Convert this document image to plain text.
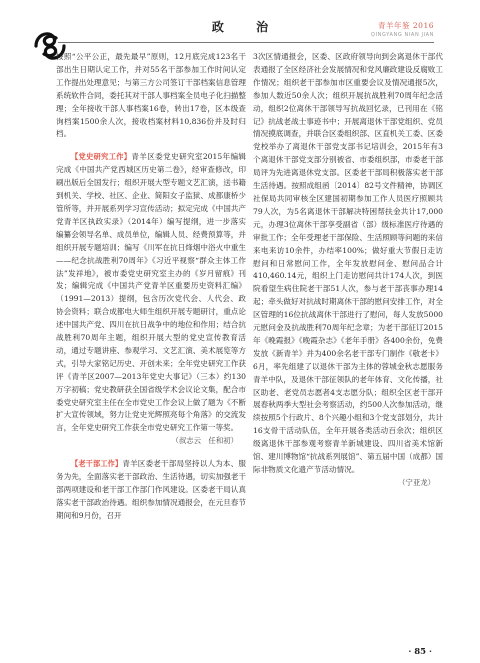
政 治	青羊年鉴 2016
QINGYANG NIAN JIAN

按照“公平公正，最先最早”原则，12月底完成123名干部出生日期认定工作，并对55名干部参加工作时间认定工作提出处理意见；与第三方公司签订干部档案信息管理系统软件合同，委托其对干部人事档案全员电子化扫描整理；全年接收干部人事档案16卷，转出17卷，区本级查询档案1500余人次，接收档案材料10,836份并及时归档。

【党史研究工作】青羊区委党史研究室2015年编辑完成《中国共产党西城区历史第二卷》，经审查修改，印刷出版后全国发行；组织开展大型专题文艺汇演，送书籍到机关、学校、社区、企业、简阳女子监狱、成都康桥少管所等，并开展系列学习宣传活动；拟定完成《中国共产党青羊区执政实录》（2014年）编写提纲，进一步落实编纂会领导名单、成员单位，编辑人员、经费预算等，并组织开展专题培训；编写《川军在抗日烽烟中浴火中重生——纪念抗战胜利70周年》《习近平视察“群众主体工作法”发祥地》，被市委党史研究室主办的《岁月留痕》刊发；编辑完成《中国共产党青羊区重要历史资料汇编》（1991—2013）提纲，包含历次党代会、人代会、政协会资料；联合成都电大师生组织开展专题研讨，重点论述中国共产党、四川在抗日战争中的地位和作用；结合抗战胜利70周年主题，组织开展大型的党史宣传教育活动，通过专题讲座、参观学习、文艺汇演、美术展览等方式，引导大家铭记历史、开创未来；全年党史研究工作获评《青羊区2007—2013年党史大事记》（三本）约130万字初稿；党史教研获全国省级学术会议论文集，配合市委党史研究室主任在全市党史工作会议上做了题为《不断扩大宣传领域，努力让党史光辉照亮每个角落》的交流发言，全年党史研究工作获全市党史研究工作第一等奖。
（叔志云　任和初）

【老干部工作】青羊区委老干部局坚持以人为本、服务为先，全面落实老干部政治、生活待遇，切实加强老干部两项建设和老干部工作部门作风建设。区委老干局认真落实老干部政治待遇。组织参加情况通报会，在元旦春节期间和9月份，召开

3次区情通报会，区委、区政府领导向到会离退休干部代表通报了全区经济社会发展情况和党风廉政建设反腐败工作情况；组织老干部参加市区重要会议及情况通报5次，参加人数近50余人次；组织开展抗战胜利70周年纪念活动，组织2位离休干部领导写抗战回忆录，已刊用在《铭记》抗战老战士事迹书中；开展离退休干部党组织、党员情况摸底调查，并联合区委组织部、区直机关工委、区委党校举办了离退休干部党支部书记培训会，2015年有3个离退休干部党支部分别被省、市委组织部，市委老干部局评为先进离退休党支部。区委老干部局积极落实老干部生活待遇。按照成组函〔2014〕82号文件精神，协调区社保局共同审核全区建国初期参加工作人员医疗照顾共79人次，为5名离退休干部解决特困帮扶金共计17,000元，办理3位离休干部享受副省（部）级标准医疗待遇的审批工作；全年受理老干部保险、生活照顾等问题的来信来电来访10余件，办结率100%；做好重大节假日走访慰问和日常慰问工作，全年发放慰问金、慰问品合计410,460.14元，组织上门走访慰问共计174人次，到医院看望生病住院老干部51人次，参与老干部丧事办理14起；牵头做好对抗战时期离休干部的慰问安排工作，对全区管理的16位抗战离休干部进行了慰问，每人发放5000元慰问金及抗战胜利70周年纪念章；为老干部征订2015年《晚霞报》《晚霞杂志》《老年手册》各400余份，免费发放《新青羊》并为400余名老干部专门制作《敬老卡》6月，率先组建了以退休干部为主体的蓉城金秋志愿服务青羊中队，及退休干部征领队的老年体育、文化传播，社区助老、老党员志愿者4支志愿分队；组织全区老干部开展春秋两季大型社会考察活动，约500人次参加活动，继续按照5个行政片、8个兴趣小组和3个党支部划分，共计16支骨干活动队伍，全年开展各类活动百余次；组织区级离退休干部参观考察青羊新城建设、四川省美术馆新馆、建川博物馆“抗战系列展馆”、第五届中国（成都）国际非物质文化遗产节活动情况。
（宁亚龙）

· 85 ·
